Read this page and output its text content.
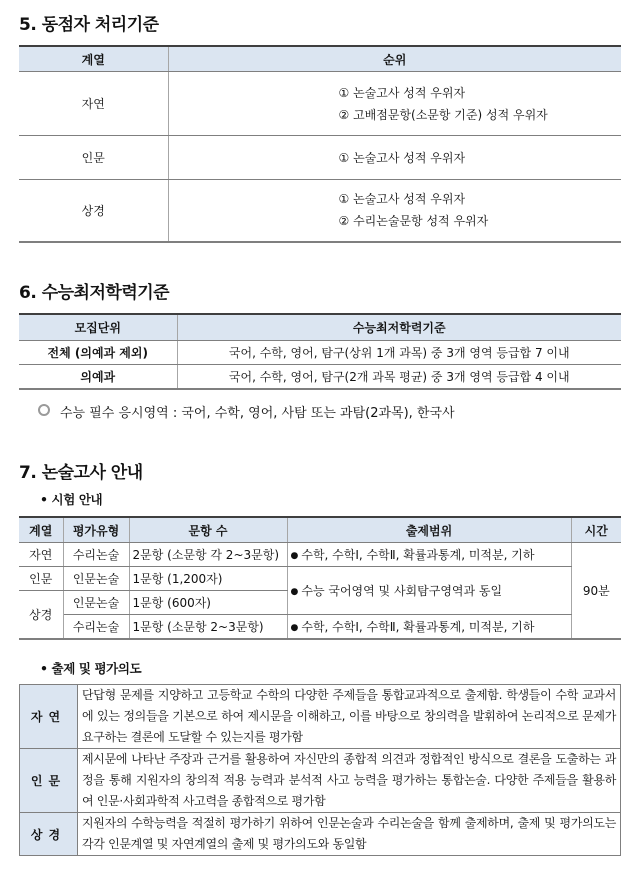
5. 동점자 처리기준
계열	순위
자연	① 논술고사 성적 우위자
② 고배점문항(소문항 기준) 성적 우위자

인문	① 논술고사 성적 우위자

상경	① 논술고사 성적 우위자
② 수리논술문항 성적 우위자
6. 수능최저학력기준
모집단위	수능최저학력기준
전체 (의예과 제외)	국어, 수학, 영어, 탐구(상위 1개 과목) 중 3개 영역 등급합 7 이내
의예과	국어, 수학, 영어, 탐구(2개 과목 평균) 중 3개 영역 등급합 4 이내
수능 필수 응시영역 : 국어, 수학, 영어, 사탐 또는 과탐(2과목), 한국사
7. 논술고사 안내
• 시험 안내
계열	평가유형	문항 수	출제범위	시간
자연	수리논술	2문항 (소문항 각 2~3문항)	● 수학, 수학Ⅰ, 수학Ⅱ, 확률과통계, 미적분, 기하	90분
인문	인문논술	1문항 (1,200자)	● 수능 국어영역 및 사회탐구영역과 동일	
상경	인문논술	1문항 (600자)		
	수리논술	1문항 (소문항 2~3문항)	● 수학, 수학Ⅰ, 수학Ⅱ, 확률과통계, 미적분, 기하	
• 출제 및 평가의도
자연	단답형 문제를 지양하고 고등학교 수학의 다양한 주제들을 통합교과적으로 출제함. 학생들이 수학 교과서에 있는 정의들을 기본으로 하여 제시문을 이해하고, 이를 바탕으로 창의력을 발휘하여 논리적으로 문제가 요구하는 결론에 도달할 수 있는지를 평가함
인문	제시문에 나타난 주장과 근거를 활용하여 자신만의 종합적 의견과 정합적인 방식으로 결론을 도출하는 과정을 통해 지원자의 창의적 적용 능력과 분석적 사고 능력을 평가하는 통합논술. 다양한 주제들을 활용하여 인문·사회과학적 사고력을 종합적으로 평가함
상경	지원자의 수학능력을 적절히 평가하기 위하여 인문논술과 수리논술을 함께 출제하며, 출제 및 평가의도는 각각 인문계열 및 자연계열의 출제 및 평가의도와 동일함
